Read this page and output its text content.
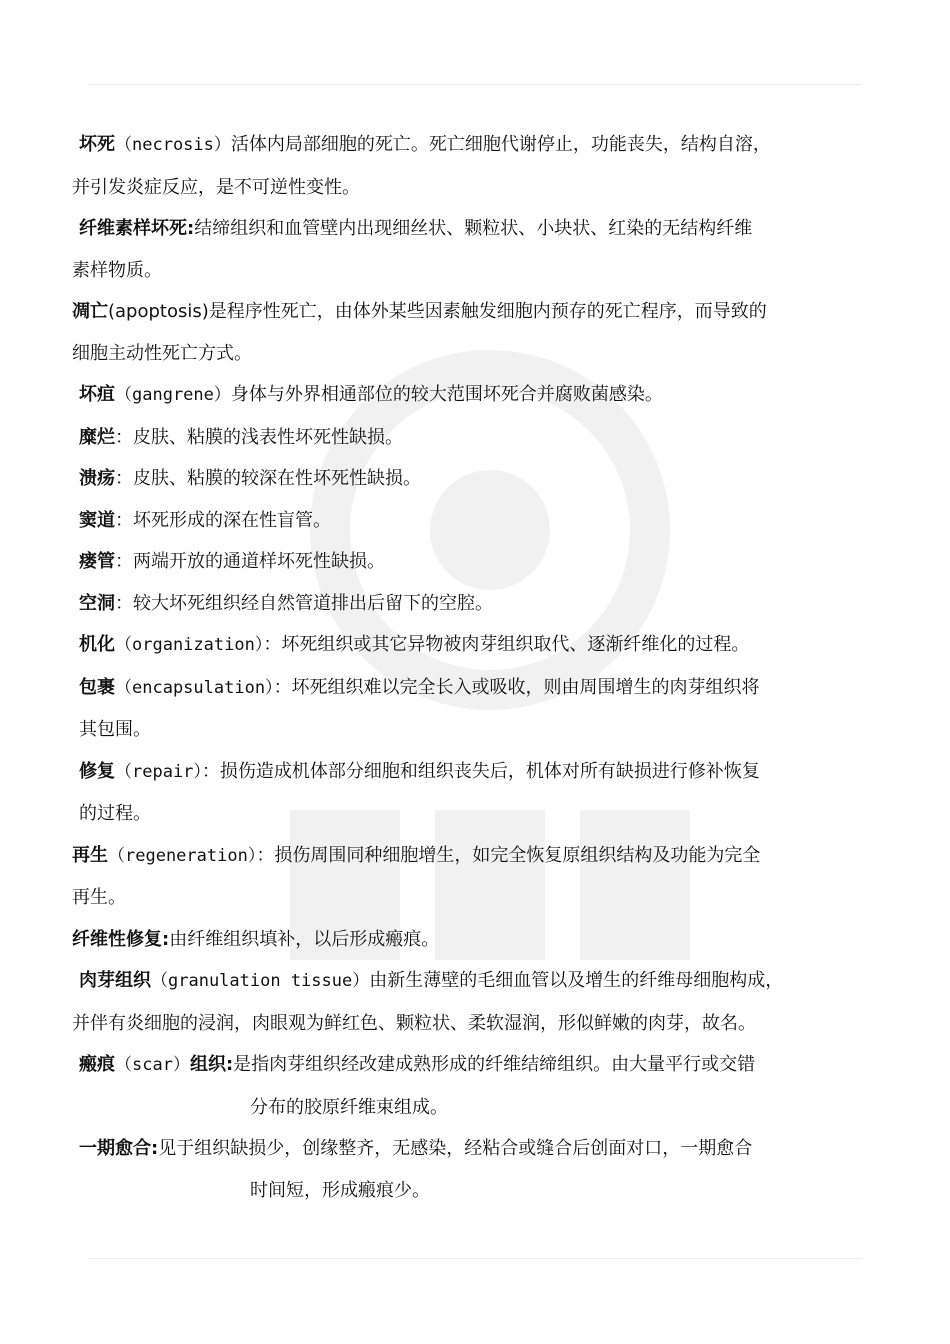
坏死（necrosis）活体内局部细胞的死亡。死亡细胞代谢停止，功能丧失，结构自溶，
并引发炎症反应，是不可逆性变性。
纤维素样坏死:结缔组织和血管壁内出现细丝状、颗粒状、小块状、红染的无结构纤维
素样物质。
凋亡(apoptosis)是程序性死亡，由体外某些因素触发细胞内预存的死亡程序，而导致的
细胞主动性死亡方式。
坏疽（gangrene）身体与外界相通部位的较大范围坏死合并腐败菌感染。
糜烂：皮肤、粘膜的浅表性坏死性缺损。
溃疡：皮肤、粘膜的较深在性坏死性缺损。
窦道：坏死形成的深在性盲管。
瘘管：两端开放的通道样坏死性缺损。
空洞：较大坏死组织经自然管道排出后留下的空腔。
机化（organization）：坏死组织或其它异物被肉芽组织取代、逐渐纤维化的过程。
包裹（encapsulation）：坏死组织难以完全长入或吸收，则由周围增生的肉芽组织将
其包围。
修复（repair）：损伤造成机体部分细胞和组织丧失后，机体对所有缺损进行修补恢复
的过程。
再生（regeneration）：损伤周围同种细胞增生，如完全恢复原组织结构及功能为完全
再生。
纤维性修复:由纤维组织填补，以后形成瘢痕。
肉芽组织（granulation tissue）由新生薄壁的毛细血管以及增生的纤维母细胞构成，
并伴有炎细胞的浸润，肉眼观为鲜红色、颗粒状、柔软湿润，形似鲜嫩的肉芽，故名。
瘢痕（scar）组织:是指肉芽组织经改建成熟形成的纤维结缔组织。由大量平行或交错
分布的胶原纤维束组成。
一期愈合:见于组织缺损少，创缘整齐，无感染，经粘合或缝合后创面对口，一期愈合
时间短，形成瘢痕少。
